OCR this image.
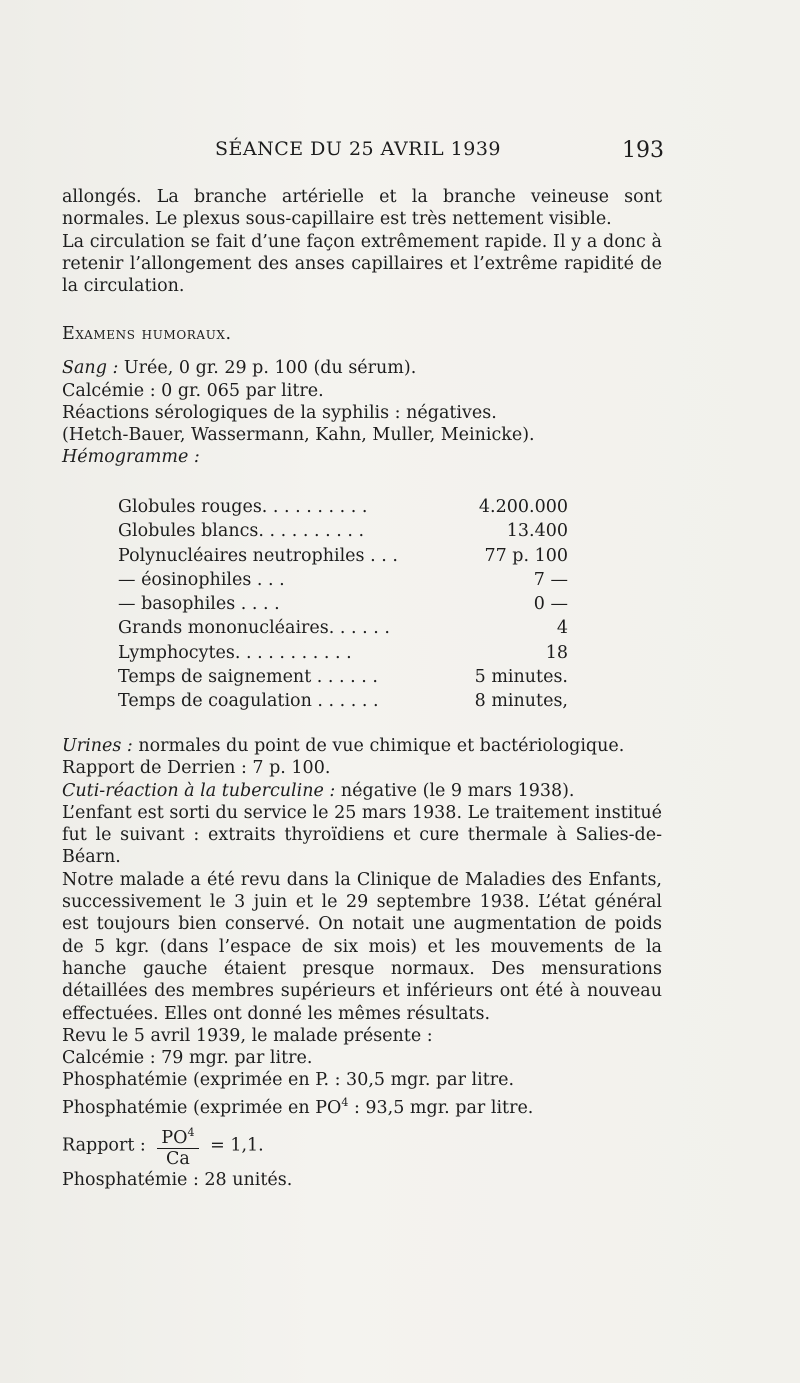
SÉANCE DU 25 AVRIL 1939	193

allongés. La branche artérielle et la branche veineuse sont normales. Le plexus sous-capillaire est très nettement visible.

La circulation se fait d’une façon extrêmement rapide. Il y a donc à retenir l’allongement des anses capillaires et l’extrême rapidité de la circulation.

Examens humoraux.

Sang : Urée, 0 gr. 29 p. 100 (du sérum).

Calcémie : 0 gr. 065 par litre.

Réactions sérologiques de la syphilis : négatives.

(Hetch-Bauer, Wassermann, Kahn, Muller, Meinicke).

Hémogramme :

Globules rouges. . . . . . . . . .	4.200.000
Globules blancs. . . . . . . . . .	13.400
Polynucléaires neutrophiles . . .	77 p. 100
— éosinophiles . . .	7 —
— basophiles . . . .	0 —
Grands mononucléaires. . . . . .	4
Lymphocytes. . . . . . . . . . .	18
Temps de saignement . . . . . .	5 minutes.
Temps de coagulation . . . . . .	8 minutes,

Urines : normales du point de vue chimique et bactériologique.

Rapport de Derrien : 7 p. 100.

Cuti-réaction à la tuberculine : négative (le 9 mars 1938).

L’enfant est sorti du service le 25 mars 1938. Le traitement institué fut le suivant : extraits thyroïdiens et cure thermale à Salies-de-Béarn.

Notre malade a été revu dans la Clinique de Maladies des Enfants, successivement le 3 juin et le 29 septembre 1938. L’état général est toujours bien conservé. On notait une augmentation de poids de 5 kgr. (dans l’espace de six mois) et les mouvements de la hanche gauche étaient presque normaux. Des mensurations détaillées des membres supérieurs et inférieurs ont été à nouveau effectuées. Elles ont donné les mêmes résultats.

Revu le 5 avril 1939, le malade présente :

Calcémie : 79 mgr. par litre.

Phosphatémie (exprimée en P. : 30,5 mgr. par litre.

Phosphatémie (exprimée en $PO^4$ : 93,5 mgr. par litre.

Rapport : $\frac{PO^4}{Ca} = 1,1$.

Phosphatémie : 28 unités.
